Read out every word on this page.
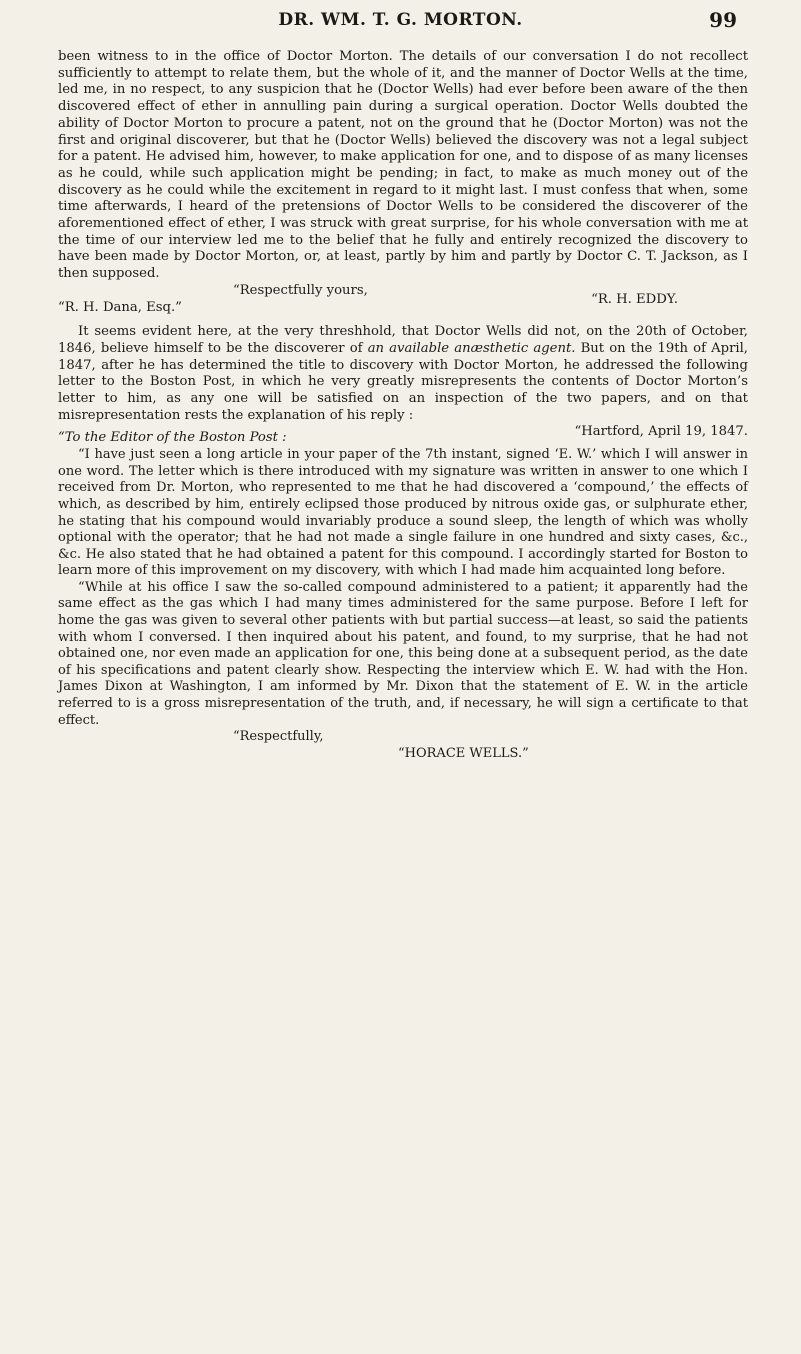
DR. WM. T. G. MORTON.	99

been witness to in the office of Doctor Morton. The details of our conversation I do not recollect sufficiently to attempt to relate them, but the whole of it, and the manner of Doctor Wells at the time, led me, in no respect, to any suspicion that he (Doctor Wells) had ever before been aware of the then discovered effect of ether in annulling pain during a surgical operation. Doctor Wells doubted the ability of Doctor Morton to procure a patent, not on the ground that he (Doctor Morton) was not the first and original discoverer, but that he (Doctor Wells) believed the discovery was not a legal subject for a patent. He advised him, however, to make application for one, and to dispose of as many licenses as he could, while such application might be pending; in fact, to make as much money out of the discovery as he could while the excitement in regard to it might last. I must confess that when, some time afterwards, I heard of the pretensions of Doctor Wells to be considered the discoverer of the aforementioned effect of ether, I was struck with great surprise, for his whole conversation with me at the time of our interview led me to the belief that he fully and entirely recognized the discovery to have been made by Doctor Morton, or, at least, partly by him and partly by Doctor C. T. Jackson, as I then supposed.

“Respectfully yours,

“R. H. Dana, Esq.”
“R. H. EDDY.

It seems evident here, at the very threshhold, that Doctor Wells did not, on the 20th of October, 1846, believe himself to be the discoverer of an available anæsthetic agent. But on the 19th of April, 1847, after he has determined the title to discovery with Doctor Morton, he addressed the following letter to the Boston Post, in which he very greatly misrepresents the contents of Doctor Morton’s letter to him, as any one will be satisfied on an inspection of the two papers, and on that misrepresentation rests the explanation of his reply :

“To the Editor of the Boston Post :	“Hartford, April 19, 1847.

“I have just seen a long article in your paper of the 7th instant, signed ‘E. W.’ which I will answer in one word. The letter which is there introduced with my signature was written in answer to one which I received from Dr. Morton, who represented to me that he had discovered a ‘compound,’ the effects of which, as described by him, entirely eclipsed those produced by nitrous oxide gas, or sulphurate ether, he stating that his compound would invariably produce a sound sleep, the length of which was wholly optional with the operator; that he had not made a single failure in one hundred and sixty cases, &c., &c. He also stated that he had obtained a patent for this compound. I accordingly started for Boston to learn more of this improvement on my discovery, with which I had made him acquainted long before.

“While at his office I saw the so-called compound administered to a patient; it apparently had the same effect as the gas which I had many times administered for the same purpose. Before I left for home the gas was given to several other patients with but partial success—at least, so said the patients with whom I conversed. I then inquired about his patent, and found, to my surprise, that he had not obtained one, nor even made an application for one, this being done at a subsequent period, as the date of his specifications and patent clearly show. Respecting the interview which E. W. had with the Hon. James Dixon at Washington, I am informed by Mr. Dixon that the statement of E. W. in the article referred to is a gross misrepresentation of the truth, and, if necessary, he will sign a certificate to that effect.

“Respectfully,

“HORACE WELLS.”
